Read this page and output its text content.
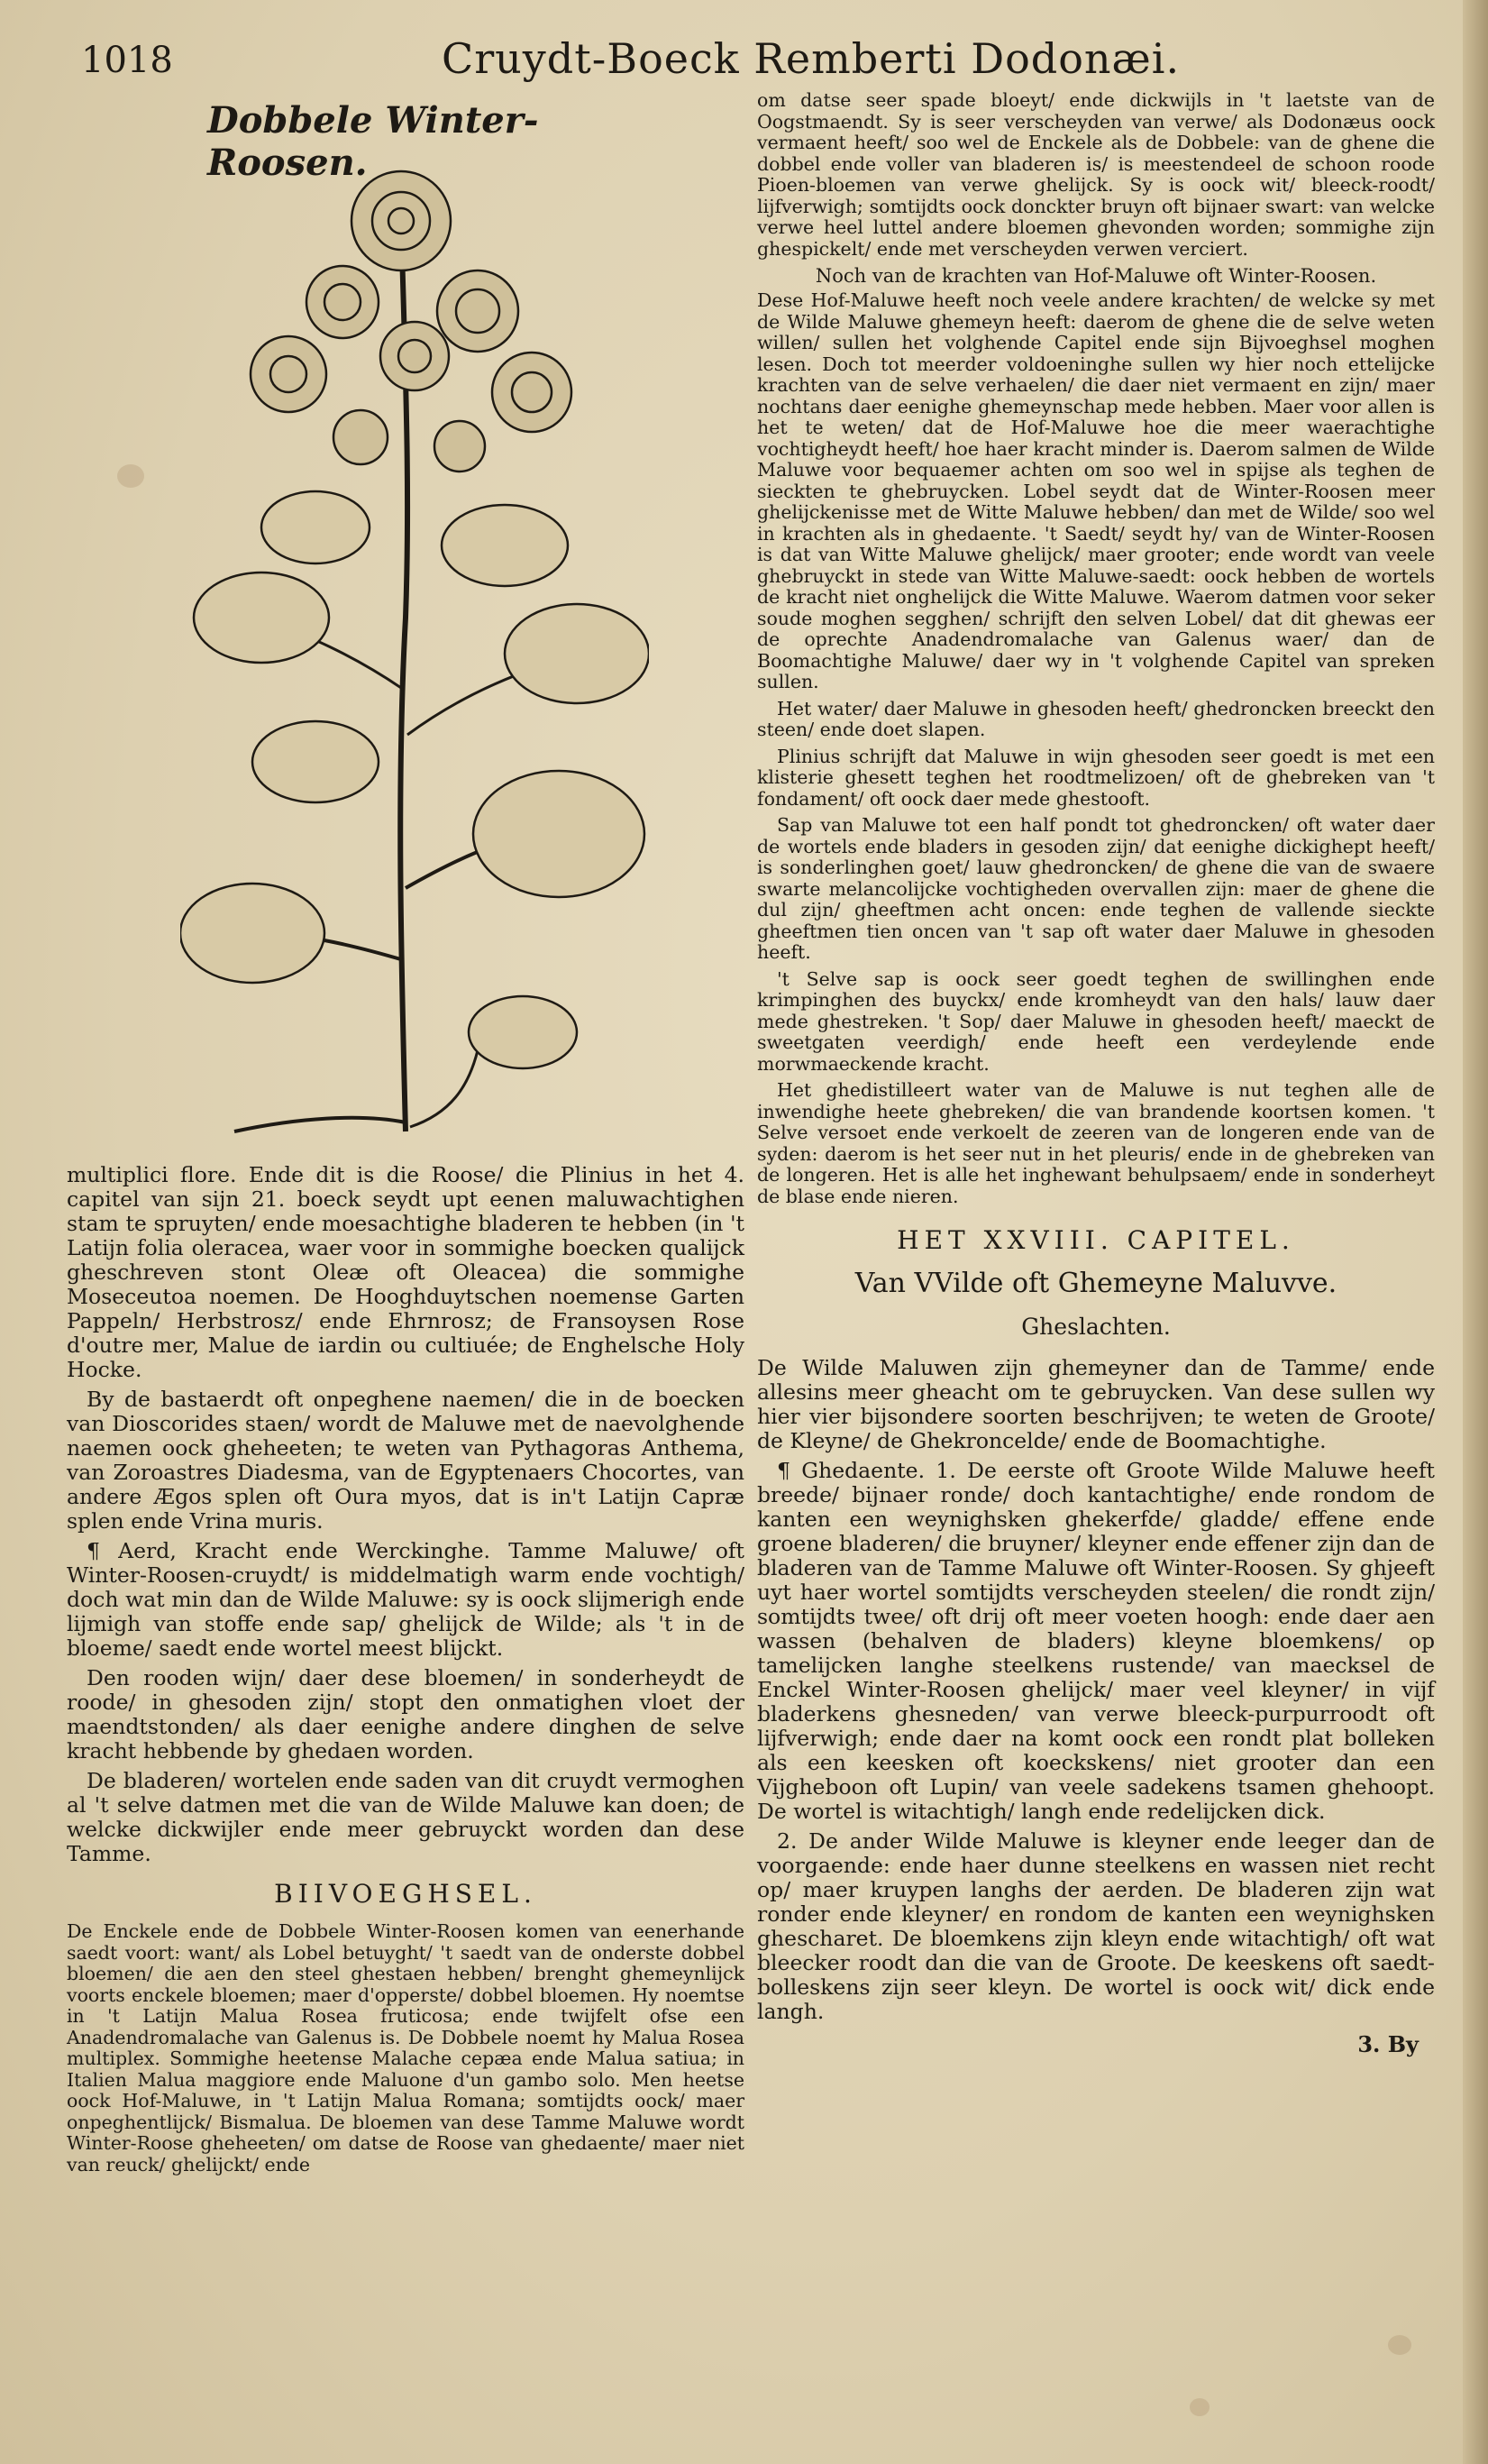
1018	Cruydt-Boeck Remberti Dodonæi.
Dobbele Winter-Roosen.

multiplici flore. Ende dit is die Roose/ die Plinius in het 4. capitel van sijn 21. boeck seydt upt eenen maluwachtighen stam te spruyten/ ende moesachtighe bladeren te hebben (in 't Latijn folia oleracea, waer voor in sommighe boecken qualijck gheschreven stont Oleæ oft Oleacea) die sommighe Moseceutoa noemen. De Hooghduytschen noemense Garten Pappeln/ Herbstrosz/ ende Ehrnrosz; de Fransoysen Rose d'outre mer, Malue de iardin ou cultiuée; de Enghelsche Holy Hocke.

By de bastaerdt oft onpeghene naemen/ die in de boecken van Dioscorides staen/ wordt de Maluwe met de naevolghende naemen oock gheheeten; te weten van Pythagoras Anthema, van Zoroastres Diadesma, van de Egyptenaers Chocortes, van andere Ægos splen oft Oura myos, dat is in't Latijn Capræ splen ende Vrina muris.

¶ Aerd, Kracht ende Werckinghe. Tamme Maluwe/ oft Winter-Roosen-cruydt/ is middelmatigh warm ende vochtigh/ doch wat min dan de Wilde Maluwe: sy is oock slijmerigh ende lijmigh van stoffe ende sap/ ghelijck de Wilde; als 't in de bloeme/ saedt ende wortel meest blijckt.

Den rooden wijn/ daer dese bloemen/ in sonderheydt de roode/ in ghesoden zijn/ stopt den onmatighen vloet der maendtstonden/ als daer eenighe andere dinghen de selve kracht hebbende by ghedaen worden.

De bladeren/ wortelen ende saden van dit cruydt vermoghen al 't selve datmen met die van de Wilde Maluwe kan doen; de welcke dickwijler ende meer gebruyckt worden dan dese Tamme.

BIIVOEGHSEL.

De Enckele ende de Dobbele Winter-Roosen komen van eenerhande saedt voort: want/ als Lobel betuyght/ 't saedt van de onderste dobbel bloemen/ die aen den steel ghestaen hebben/ brenght ghemeynlijck voorts enckele bloemen; maer d'opperste/ dobbel bloemen. Hy noemtse in 't Latijn Malua Rosea fruticosa; ende twijfelt ofse een Anadendromalache van Galenus is. De Dobbele noemt hy Malua Rosea multiplex. Sommighe heetense Malache cepæa ende Malua satiua; in Italien Malua maggiore ende Maluone d'un gambo solo. Men heetse oock Hof-Maluwe, in 't Latijn Malua Romana; somtijdts oock/ maer onpeghentlijck/ Bismalua. De bloemen van dese Tamme Maluwe wordt Winter-Roose gheheeten/ om datse de Roose van ghedaente/ maer niet van reuck/ ghelijckt/ ende

om datse seer spade bloeyt/ ende dickwijls in 't laetste van de Oogstmaendt. Sy is seer verscheyden van verwe/ als Dodonæus oock vermaent heeft/ soo wel de Enckele als de Dobbele: van de ghene die dobbel ende voller van bladeren is/ is meestendeel de schoon roode Pioen-bloemen van verwe ghelijck. Sy is oock wit/ bleeck-roodt/ lijfverwigh; somtijdts oock donckter bruyn oft bijnaer swart: van welcke verwe heel luttel andere bloemen ghevonden worden; sommighe zijn ghespickelt/ ende met verscheyden verwen verciert.

Noch van de krachten van Hof-Maluwe oft Winter-Roosen.

Dese Hof-Maluwe heeft noch veele andere krachten/ de welcke sy met de Wilde Maluwe ghemeyn heeft: daerom de ghene die de selve weten willen/ sullen het volghende Capitel ende sijn Bijvoeghsel moghen lesen. Doch tot meerder voldoeninghe sullen wy hier noch ettelijcke krachten van de selve verhaelen/ die daer niet vermaent en zijn/ maer nochtans daer eenighe ghemeynschap mede hebben. Maer voor allen is het te weten/ dat de Hof-Maluwe hoe die meer waerachtighe vochtigheydt heeft/ hoe haer kracht minder is. Daerom salmen de Wilde Maluwe voor bequaemer achten om soo wel in spijse als teghen de sieckten te ghebruycken. Lobel seydt dat de Winter-Roosen meer ghelijckenisse met de Witte Maluwe hebben/ dan met de Wilde/ soo wel in krachten als in ghedaente. 't Saedt/ seydt hy/ van de Winter-Roosen is dat van Witte Maluwe ghelijck/ maer grooter; ende wordt van veele ghebruyckt in stede van Witte Maluwe-saedt: oock hebben de wortels de kracht niet onghelijck die Witte Maluwe. Waerom datmen voor seker soude moghen segghen/ schrijft den selven Lobel/ dat dit ghewas eer de oprechte Anadendromalache van Galenus waer/ dan de Boomachtighe Maluwe/ daer wy in 't volghende Capitel van spreken sullen.

Het water/ daer Maluwe in ghesoden heeft/ ghedroncken breeckt den steen/ ende doet slapen.

Plinius schrijft dat Maluwe in wijn ghesoden seer goedt is met een klisterie ghesett teghen het roodtmelizoen/ oft de ghebreken van 't fondament/ oft oock daer mede ghestooft.

Sap van Maluwe tot een half pondt tot ghedroncken/ oft water daer de wortels ende bladers in gesoden zijn/ dat eenighe dickighept heeft/ is sonderlinghen goet/ lauw ghedroncken/ de ghene die van de swaere swarte melancolijcke vochtigheden overvallen zijn: maer de ghene die dul zijn/ gheeftmen acht oncen: ende teghen de vallende sieckte gheeftmen tien oncen van 't sap oft water daer Maluwe in ghesoden heeft.

't Selve sap is oock seer goedt teghen de swillinghen ende krimpinghen des buyckx/ ende kromheydt van den hals/ lauw daer mede ghestreken. 't Sop/ daer Maluwe in ghesoden heeft/ maeckt de sweetgaten veerdigh/ ende heeft een verdeylende ende morwmaeckende kracht.

Het ghedistilleert water van de Maluwe is nut teghen alle de inwendighe heete ghebreken/ die van brandende koortsen komen. 't Selve versoet ende verkoelt de zeeren van de longeren ende van de syden: daerom is het seer nut in het pleuris/ ende in de ghebreken van de longeren. Het is alle het inghewant behulpsaem/ ende in sonderheyt de blase ende nieren.

HET XXVIII. CAPITEL.
Van VVilde oft Ghemeyne Maluvve.
Gheslachten.

De Wilde Maluwen zijn ghemeyner dan de Tamme/ ende allesins meer gheacht om te gebruycken. Van dese sullen wy hier vier bijsondere soorten beschrijven; te weten de Groote/ de Kleyne/ de Ghekroncelde/ ende de Boomachtighe.

¶ Ghedaente. 1. De eerste oft Groote Wilde Maluwe heeft breede/ bijnaer ronde/ doch kantachtighe/ ende rondom de kanten een weynighsken ghekerfde/ gladde/ effene ende groene bladeren/ die bruyner/ kleyner ende effener zijn dan de bladeren van de Tamme Maluwe oft Winter-Roosen. Sy ghjeeft uyt haer wortel somtijdts verscheyden steelen/ die rondt zijn/ somtijdts twee/ oft drij oft meer voeten hoogh: ende daer aen wassen (behalven de bladers) kleyne bloemkens/ op tamelijcken langhe steelkens rustende/ van maecksel de Enckel Winter-Roosen ghelijck/ maer veel kleyner/ in vijf bladerkens ghesneden/ van verwe bleeck-purpurroodt oft lijfverwigh; ende daer na komt oock een rondt plat bolleken als een keesken oft koeckskens/ niet grooter dan een Vijgheboon oft Lupin/ van veele sadekens tsamen ghehoopt. De wortel is witachtigh/ langh ende redelijcken dick.

2. De ander Wilde Maluwe is kleyner ende leeger dan de voorgaende: ende haer dunne steelkens en wassen niet recht op/ maer kruypen langhs der aerden. De bladeren zijn wat ronder ende kleyner/ en rondom de kanten een weynighsken ghescharet. De bloemkens zijn kleyn ende witachtigh/ oft wat bleecker roodt dan die van de Groote. De keeskens oft saedt-bolleskens zijn seer kleyn. De wortel is oock wit/ dick ende langh.

3. By
